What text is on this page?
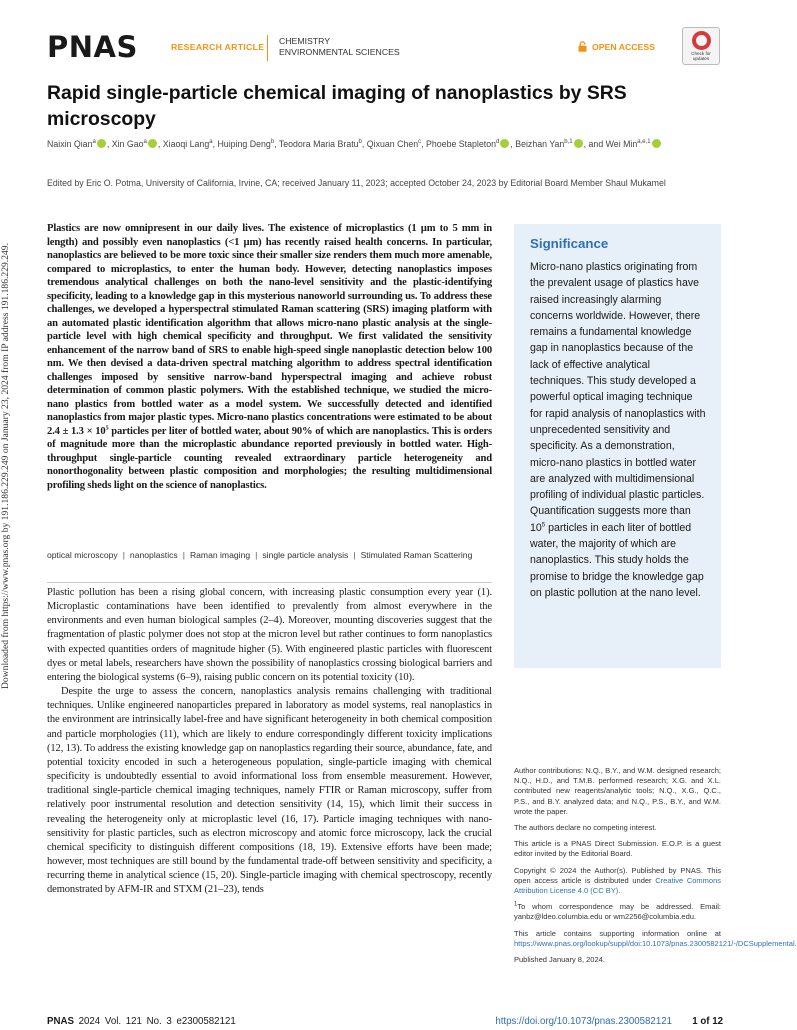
Downloaded from https://www.pnas.org by 191.186.229.249 on January 23, 2024 from IP address 191.186.229.249.
PNAS	RESEARCH ARTICLE
CHEMISTRY
ENVIRONMENTAL SCIENCES	OPEN ACCESS
Check for updates
Rapid single-particle chemical imaging of nanoplastics by SRS microscopy

Naixin Qian$^a$ , Xin Gao$^a$ , Xiaoqi Lang$^a$, Huiping Deng$^b$, Teodora Maria Bratu$^b$, Qixuan Chen$^c$, Phoebe Stapleton$^d$ , Beizhan Yan$^{b,1}$ , and Wei Min$^{a,e,1}$

Edited by Eric O. Potma, University of California, Irvine, CA; received January 11, 2023; accepted October 24, 2023 by Editorial Board Member Shaul Mukamel

Plastics are now omnipresent in our daily lives. The existence of microplastics (1 µm to 5 mm in length) and possibly even nanoplastics (<1 µm) has recently raised health concerns. In particular, nanoplastics are believed to be more toxic since their smaller size renders them much more amenable, compared to microplastics, to enter the human body. However, detecting nanoplastics imposes tremendous analytical challenges on both the nano-level sensitivity and the plastic-identifying specificity, leading to a knowledge gap in this mysterious nanoworld surrounding us. To address these challenges, we developed a hyperspectral stimulated Raman scattering (SRS) imaging platform with an automated plastic identification algorithm that allows micro-nano plastic analysis at the single-particle level with high chemical specificity and throughput. We first validated the sensitivity enhancement of the narrow band of SRS to enable high-speed single nanoplastic detection below 100 nm. We then devised a data-driven spectral matching algorithm to address spectral identification challenges imposed by sensitive narrow-band hyperspectral imaging and achieve robust determination of common plastic polymers. With the established technique, we studied the micro-nano plastics from bottled water as a model system. We successfully detected and identified nanoplastics from major plastic types. Micro-nano plastics concentrations were estimated to be about $2.4 \pm 1.3 \times 10^5$ particles per liter of bottled water, about 90% of which are nanoplastics. This is orders of magnitude more than the microplastic abundance reported previously in bottled water. High-throughput single-particle counting revealed extraordinary particle heterogeneity and nonorthogonality between plastic composition and morphologies; the resulting multidimensional profiling sheds light on the science of nanoplastics.

optical microscopy | nanoplastics | Raman imaging | single particle analysis | Stimulated Raman Scattering

Plastic pollution has been a rising global concern, with increasing plastic consumption every year (1). Microplastic contaminations have been identified to prevalently from almost everywhere in the environments and even human biological samples (2–4). Moreover, mounting discoveries suggest that the fragmentation of plastic polymer does not stop at the micron level but rather continues to form nanoplastics with expected quantities orders of magnitude higher (5). With engineered plastic particles with fluorescent dyes or metal labels, researchers have shown the possibility of nanoplastics crossing biological barriers and entering the biological systems (6–9), raising public concern on its potential toxicity (10).

Despite the urge to assess the concern, nanoplastics analysis remains challenging with traditional techniques. Unlike engineered nanoparticles prepared in laboratory as model systems, real nanoplastics in the environment are intrinsically label-free and have significant heterogeneity in both chemical composition and particle morphologies (11), which are likely to endure correspondingly different toxicity implications (12, 13). To address the existing knowledge gap on nanoplastics regarding their source, abundance, fate, and potential toxicity encoded in such a heterogeneous population, single-particle imaging with chemical specificity is undoubtedly essential to avoid informational loss from ensemble measurement. However, traditional single-particle chemical imaging techniques, namely FTIR or Raman microscopy, suffer from relatively poor instrumental resolution and detection sensitivity (14, 15), which limit their success in revealing the heterogeneity only at microplastic level (16, 17). Particle imaging techniques with nano-sensitivity for plastic particles, such as electron microscopy and atomic force microscopy, lack the crucial chemical specificity to distinguish different compositions (18, 19). Extensive efforts have been made; however, most techniques are still bound by the fundamental trade-off between sensitivity and specificity, a recurring theme in analytical science (15, 20). Single-particle imaging with chemical spectroscopy, recently demonstrated by AFM-IR and STXM (21–23), tends

Significance

Micro-nano plastics originating from the prevalent usage of plastics have raised increasingly alarming concerns worldwide. However, there remains a fundamental knowledge gap in nanoplastics because of the lack of effective analytical techniques. This study developed a powerful optical imaging technique for rapid analysis of nanoplastics with unprecedented sensitivity and specificity. As a demonstration, micro-nano plastics in bottled water are analyzed with multidimensional profiling of individual plastic particles. Quantification suggests more than $10^5$ particles in each liter of bottled water, the majority of which are nanoplastics. This study holds the promise to bridge the knowledge gap on plastic pollution at the nano level.

Author contributions: N.Q., B.Y., and W.M. designed research; N.Q., H.D., and T.M.B. performed research; X.G. and X.L. contributed new reagents/analytic tools; N.Q., X.G., Q.C., P.S., and B.Y. analyzed data; and N.Q., P.S., B.Y., and W.M. wrote the paper.

The authors declare no competing interest.

This article is a PNAS Direct Submission. E.O.P. is a guest editor invited by the Editorial Board.

Copyright © 2024 the Author(s). Published by PNAS. This open access article is distributed under Creative Commons Attribution License 4.0 (CC BY).

$^1$To whom correspondence may be addressed. Email: yanbz@ldeo.columbia.edu or wm2256@columbia.edu.

This article contains supporting information online at https://www.pnas.org/lookup/suppl/doi:10.1073/pnas.2300582121/-/DCSupplemental.

Published January 8, 2024.

PNAS 2024 Vol. 121 No. 3 e2300582121	https://doi.org/10.1073/pnas.2300582121 1 of 12
